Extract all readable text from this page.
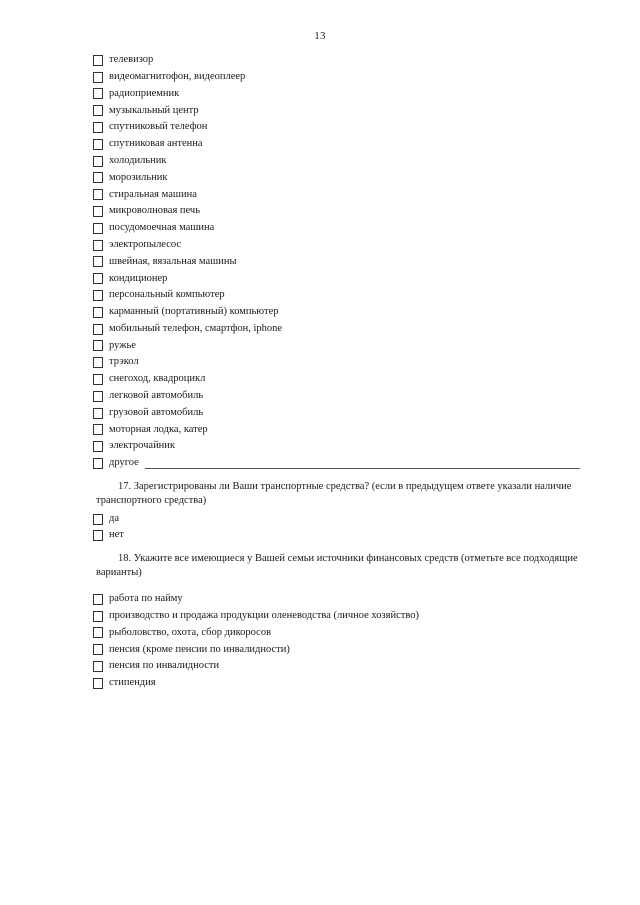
13
телевизор
видеомагнитофон, видеоплеер
радиоприемник
музыкальный центр
спутниковый телефон
спутниковая антенна
холодильник
морозильник
стиральная машина
микроволновая печь
посудомоечная машина
электропылесос
швейная, вязальная машины
кондиционер
персональный компьютер
карманный (портативный) компьютер
мобильный телефон, смартфон, iphone
ружье
трэкол
снегоход, квадроцикл
легковой автомобиль
грузовой автомобиль
моторная лодка, катер
электрочайник
другое

17. Зарегистрированы ли Ваши транспортные средства? (если в предыдущем ответе указали наличие транспортного средства)

да
нет

18. Укажите все имеющиеся у Вашей семьи источники финансовых средств (отметьте все подходящие варианты)

работа по найму
производство и продажа продукции оленеводства (личное хозяйство)
рыболовство, охота, сбор дикоросов
пенсия (кроме пенсии по инвалидности)
пенсия по инвалидности
стипендия
